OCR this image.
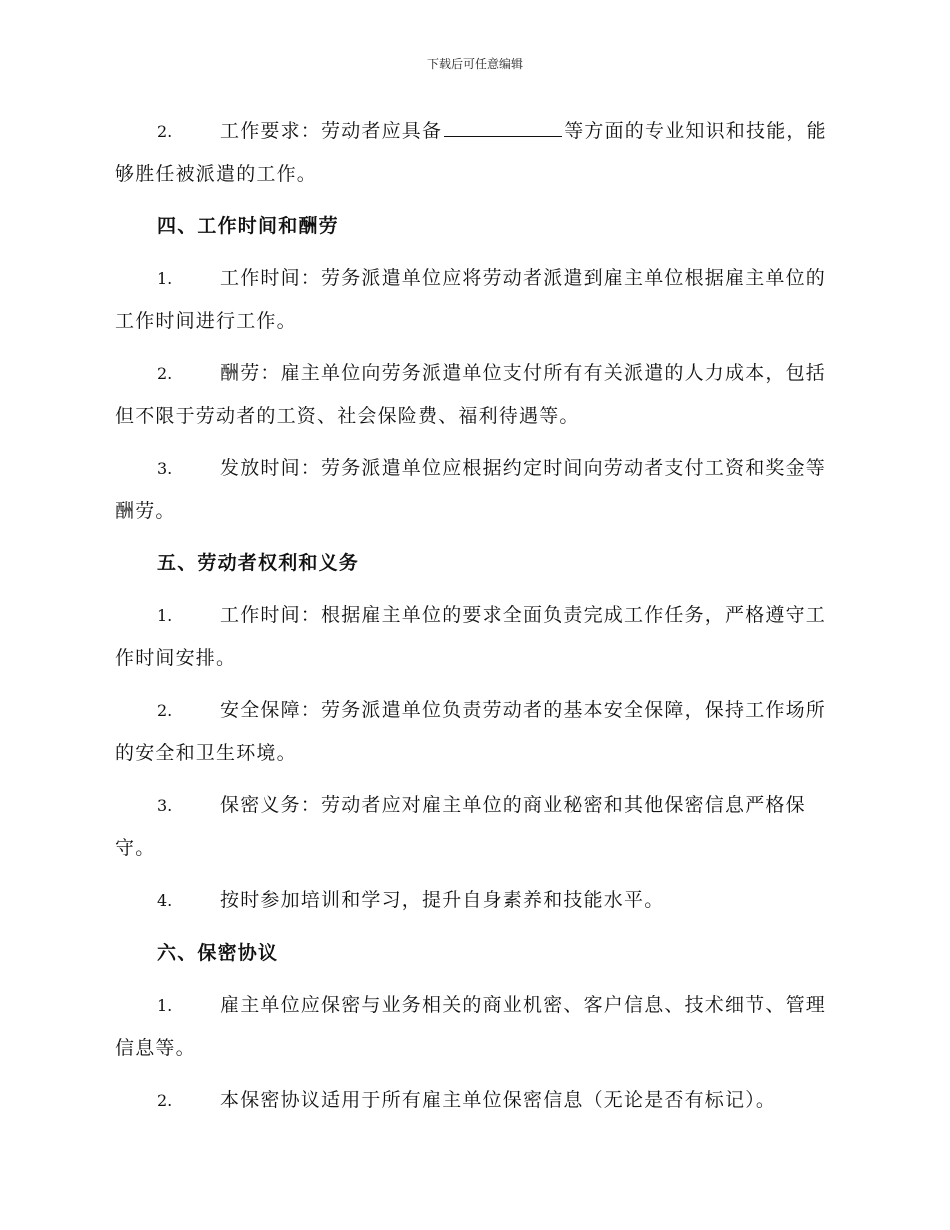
下载后可任意编辑

2.	工作要求：劳动者应具备	等方面的专业知识和技能，能够胜任被派遣的工作。

四、工作时间和酬劳

1.	工作时间：劳务派遣单位应将劳动者派遣到雇主单位根据雇主单位的工作时间进行工作。

2.	酬劳：雇主单位向劳务派遣单位支付所有有关派遣的人力成本，包括但不限于劳动者的工资、社会保险费、福利待遇等。

3.	发放时间：劳务派遣单位应根据约定时间向劳动者支付工资和奖金等酬劳。

五、劳动者权利和义务

1.	工作时间：根据雇主单位的要求全面负责完成工作任务，严格遵守工作时间安排。

2.	安全保障：劳务派遣单位负责劳动者的基本安全保障，保持工作场所的安全和卫生环境。

3.	保密义务：劳动者应对雇主单位的商业秘密和其他保密信息严格保守。

4.	按时参加培训和学习，提升自身素养和技能水平。

六、保密协议

1.	雇主单位应保密与业务相关的商业机密、客户信息、技术细节、管理信息等。

2.	本保密协议适用于所有雇主单位保密信息（无论是否有标记）。
